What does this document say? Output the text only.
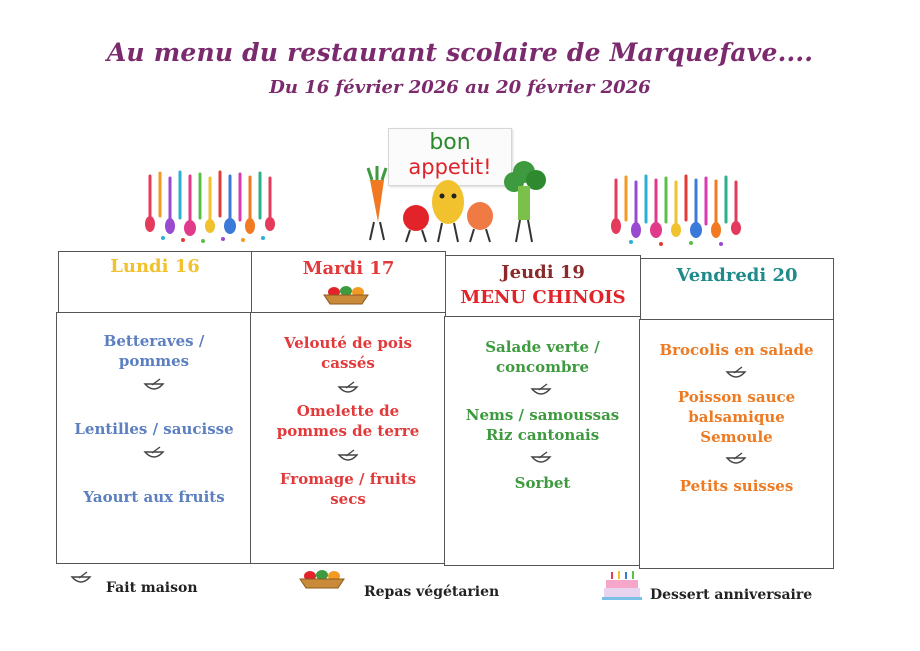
Au menu du restaurant scolaire de Marquefave....
Du 16 février 2026 au 20 février 2026
bon
appetit!
Lundi 16
Betteraves /
pommes
Lentilles / saucisse
Yaourt aux fruits
Mardi 17
Velouté de pois
cassés
Omelette de
pommes de terre
Fromage / fruits
secs
Jeudi 19
MENU CHINOIS
Salade verte /
concombre
Nems / samoussas
Riz cantonais
Sorbet
Vendredi 20
Brocolis en salade
Poisson sauce
balsamique
Semoule
Petits suisses
Fait maison	Repas végétarien	Dessert anniversaire
